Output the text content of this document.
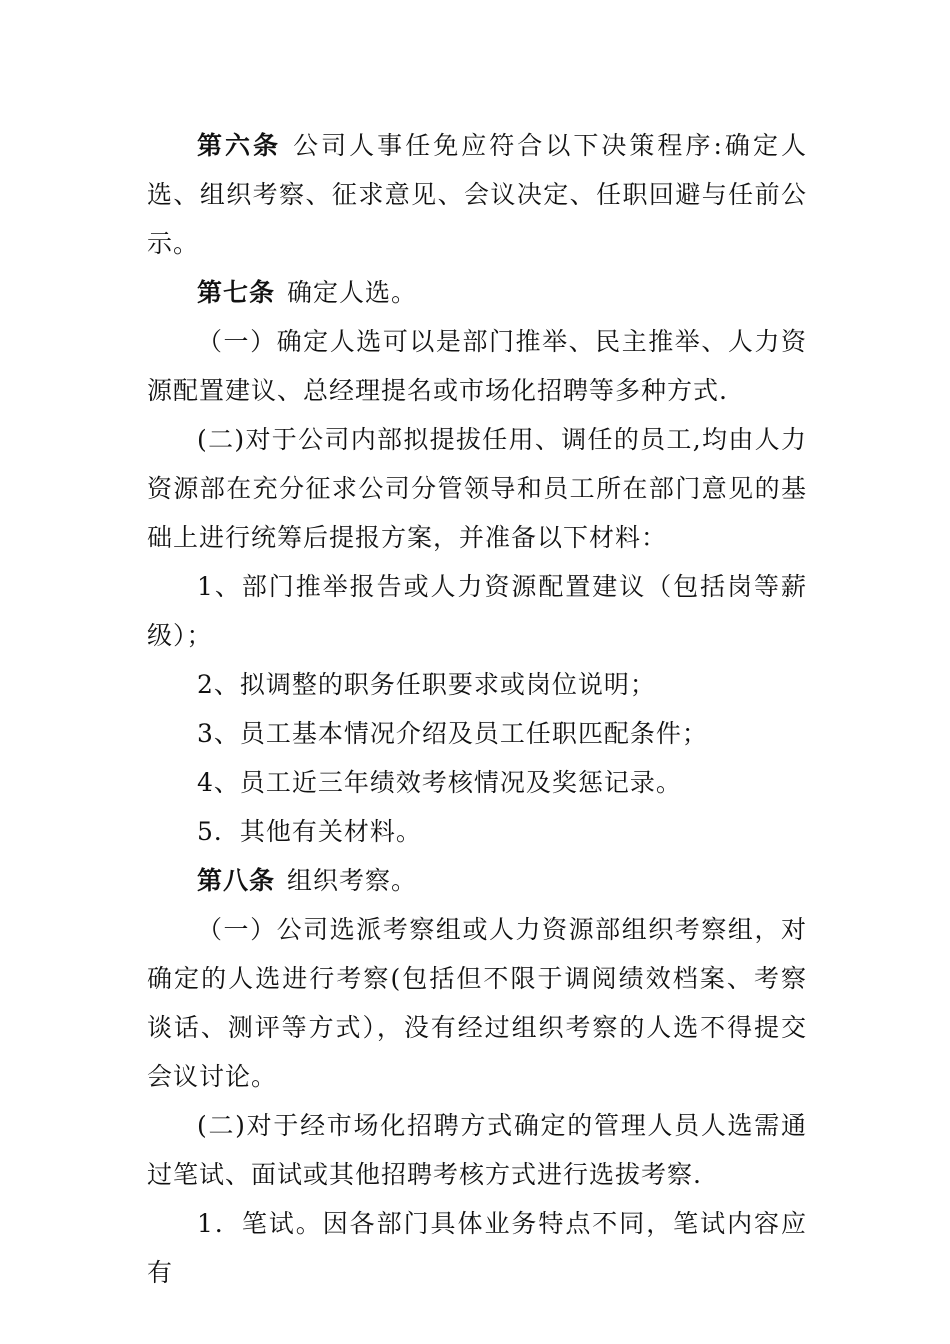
第六条 公司人事任免应符合以下决策程序:确定人选、组织考察、征求意见、会议决定、任职回避与任前公示。

第七条 确定人选。

（一）确定人选可以是部门推举、民主推举、人力资源配置建议、总经理提名或市场化招聘等多种方式.

(二)对于公司内部拟提拔任用、调任的员工,均由人力资源部在充分征求公司分管领导和员工所在部门意见的基础上进行统筹后提报方案，并准备以下材料：

1、部门推举报告或人力资源配置建议（包括岗等薪级）；

2、拟调整的职务任职要求或岗位说明；

3、员工基本情况介绍及员工任职匹配条件；

4、员工近三年绩效考核情况及奖惩记录。

5．其他有关材料。

第八条 组织考察。

（一）公司选派考察组或人力资源部组织考察组，对确定的人选进行考察(包括但不限于调阅绩效档案、考察谈话、测评等方式），没有经过组织考察的人选不得提交会议讨论。

(二)对于经市场化招聘方式确定的管理人员人选需通过笔试、面试或其他招聘考核方式进行选拔考察.

1．笔试。因各部门具体业务特点不同，笔试内容应有
